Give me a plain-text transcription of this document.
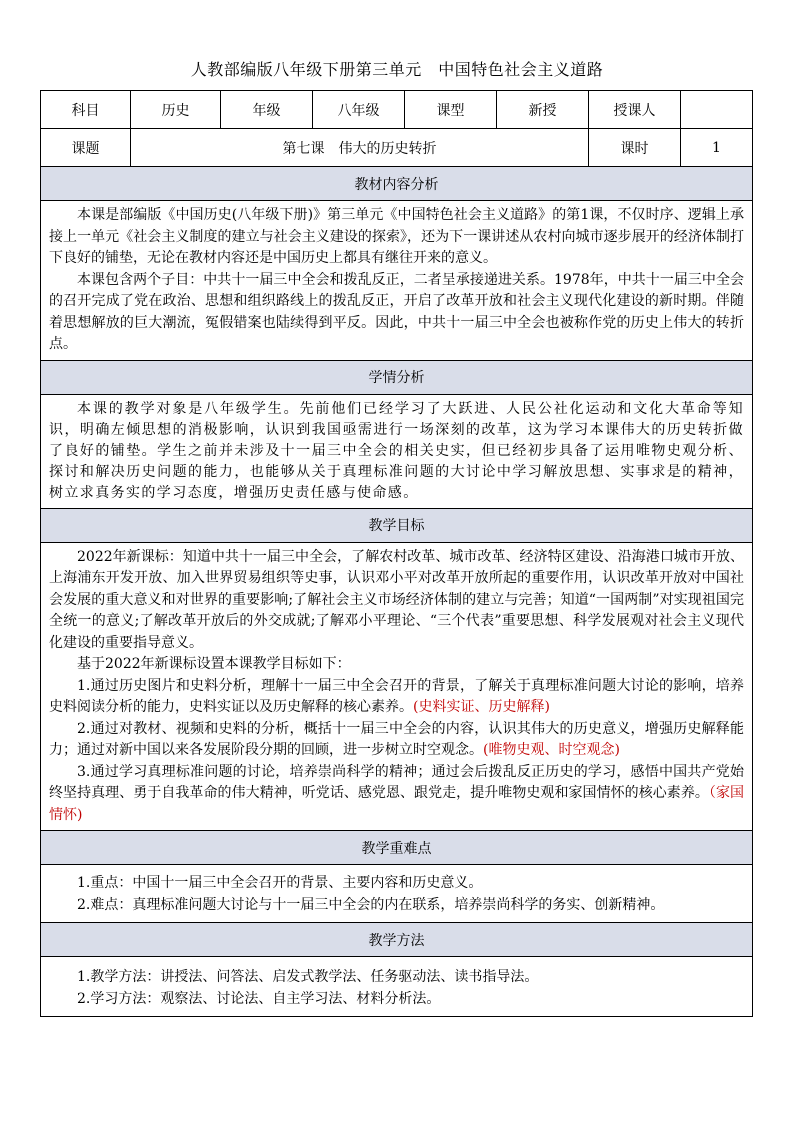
人教部编版八年级下册第三单元　中国特色社会主义道路
科目	历史	年级	八年级	课型	新授	授课人	
课题	第七课　伟大的历史转折					课时	1
教材内容分析							

本课是部编版《中国历史(八年级下册)》第三单元《中国特色社会主义道路》的第1课，不仅时序、逻辑上承接上一单元《社会主义制度的建立与社会主义建设的探索》，还为下一课讲述从农村向城市逐步展开的经济体制打下良好的铺垫，无论在教材内容还是中国历史上都具有继往开来的意义。

本课包含两个子目：中共十一届三中全会和拨乱反正，二者呈承接递进关系。1978年，中共十一届三中全会的召开完成了党在政治、思想和组织路线上的拨乱反正，开启了改革开放和社会主义现代化建设的新时期。伴随着思想解放的巨大潮流，冤假错案也陆续得到平反。因此，中共十一届三中全会也被称作党的历史上伟大的转折点。							

学情分析							

本课的教学对象是八年级学生。先前他们已经学习了大跃进、人民公社化运动和文化大革命等知识，明确左倾思想的消极影响，认识到我国亟需进行一场深刻的改革，这为学习本课伟大的历史转折做了良好的铺垫。学生之前并未涉及十一届三中全会的相关史实，但已经初步具备了运用唯物史观分析、探讨和解决历史问题的能力，也能够从关于真理标准问题的大讨论中学习解放思想、实事求是的精神，树立求真务实的学习态度，增强历史责任感与使命感。							

教学目标							

2022年新课标：知道中共十一届三中全会，了解农村改革、城市改革、经济特区建设、沿海港口城市开放、上海浦东开发开放、加入世界贸易组织等史事，认识邓小平对改革开放所起的重要作用，认识改革开放对中国社会发展的重大意义和对世界的重要影响;了解社会主义市场经济体制的建立与完善；知道“一国两制”对实现祖国完全统一的意义;了解改革开放后的外交成就;了解邓小平理论、“三个代表”重要思想、科学发展观对社会主义现代化建设的重要指导意义。

基于2022年新课标设置本课教学目标如下：

1.通过历史图片和史料分析，理解十一届三中全会召开的背景，了解关于真理标准问题大讨论的影响，培养史料阅读分析的能力，史料实证以及历史解释的核心素养。(史料实证、历史解释)

2.通过对教材、视频和史料的分析，概括十一届三中全会的内容，认识其伟大的历史意义，增强历史解释能力；通过对新中国以来各发展阶段分期的回顾，进一步树立时空观念。(唯物史观、时空观念)

3.通过学习真理标准问题的讨论，培养崇尚科学的精神；通过会后拨乱反正历史的学习，感悟中国共产党始终坚持真理、勇于自我革命的伟大精神，听党话、感党恩、跟党走，提升唯物史观和家国情怀的核心素养。（家国情怀)							

教学重难点							

1.重点：中国十一届三中全会召开的背景、主要内容和历史意义。

2.难点：真理标准问题大讨论与十一届三中全会的内在联系，培养崇尚科学的务实、创新精神。							

教学方法							

1.教学方法：讲授法、问答法、启发式教学法、任务驱动法、读书指导法。

2.学习方法：观察法、讨论法、自主学习法、材料分析法。							
